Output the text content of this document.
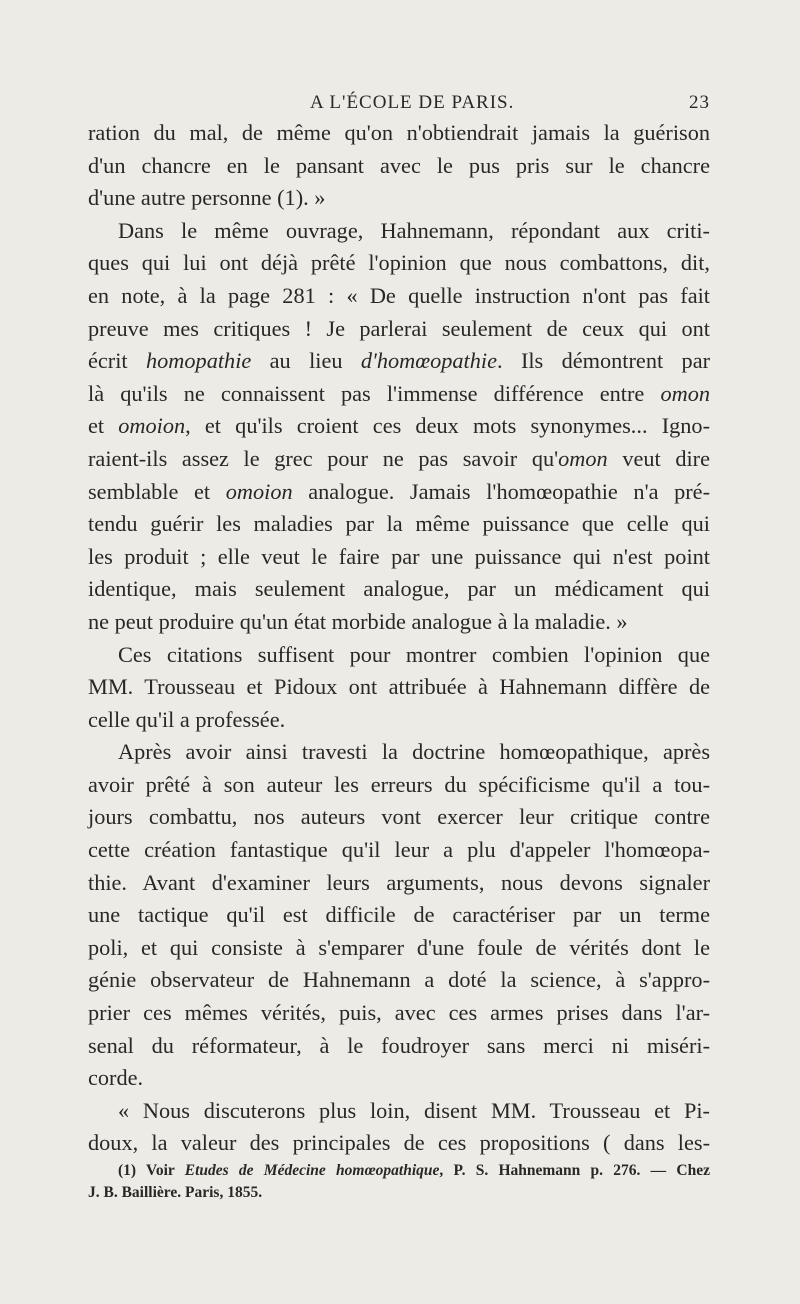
A L'ÉCOLE DE PARIS.	23
ration du mal, de même qu'on n'obtiendrait jamais la guérison
d'un chancre en le pansant avec le pus pris sur le chancre
d'une autre personne (1). »
Dans le même ouvrage, Hahnemann, répondant aux criti-
ques qui lui ont déjà prêté l'opinion que nous combattons, dit,
en note, à la page 281 : « De quelle instruction n'ont pas fait
preuve mes critiques ! Je parlerai seulement de ceux qui ont
écrit homopathie au lieu d'homœopathie. Ils démontrent par
là qu'ils ne connaissent pas l'immense différence entre omon
et omoion, et qu'ils croient ces deux mots synonymes... Igno-
raient-ils assez le grec pour ne pas savoir qu'omon veut dire
semblable et omoion analogue. Jamais l'homœopathie n'a pré-
tendu guérir les maladies par la même puissance que celle qui
les produit ; elle veut le faire par une puissance qui n'est point
identique, mais seulement analogue, par un médicament qui
ne peut produire qu'un état morbide analogue à la maladie. »
Ces citations suffisent pour montrer combien l'opinion que
MM. Trousseau et Pidoux ont attribuée à Hahnemann diffère de
celle qu'il a professée.
Après avoir ainsi travesti la doctrine homœopathique, après
avoir prêté à son auteur les erreurs du spécificisme qu'il a tou-
jours combattu, nos auteurs vont exercer leur critique contre
cette création fantastique qu'il leur a plu d'appeler l'homœopa-
thie. Avant d'examiner leurs arguments, nous devons signaler
une tactique qu'il est difficile de caractériser par un terme
poli, et qui consiste à s'emparer d'une foule de vérités dont le
génie observateur de Hahnemann a doté la science, à s'appro-
prier ces mêmes vérités, puis, avec ces armes prises dans l'ar-
senal du réformateur, à le foudroyer sans merci ni miséri-
corde.
« Nous discuterons plus loin, disent MM. Trousseau et Pi-
doux, la valeur des principales de ces propositions ( dans les-
(1) Voir Etudes de Médecine homœopathique, P. S. Hahnemann p. 276. — Chez
J. B. Baillière. Paris, 1855.
